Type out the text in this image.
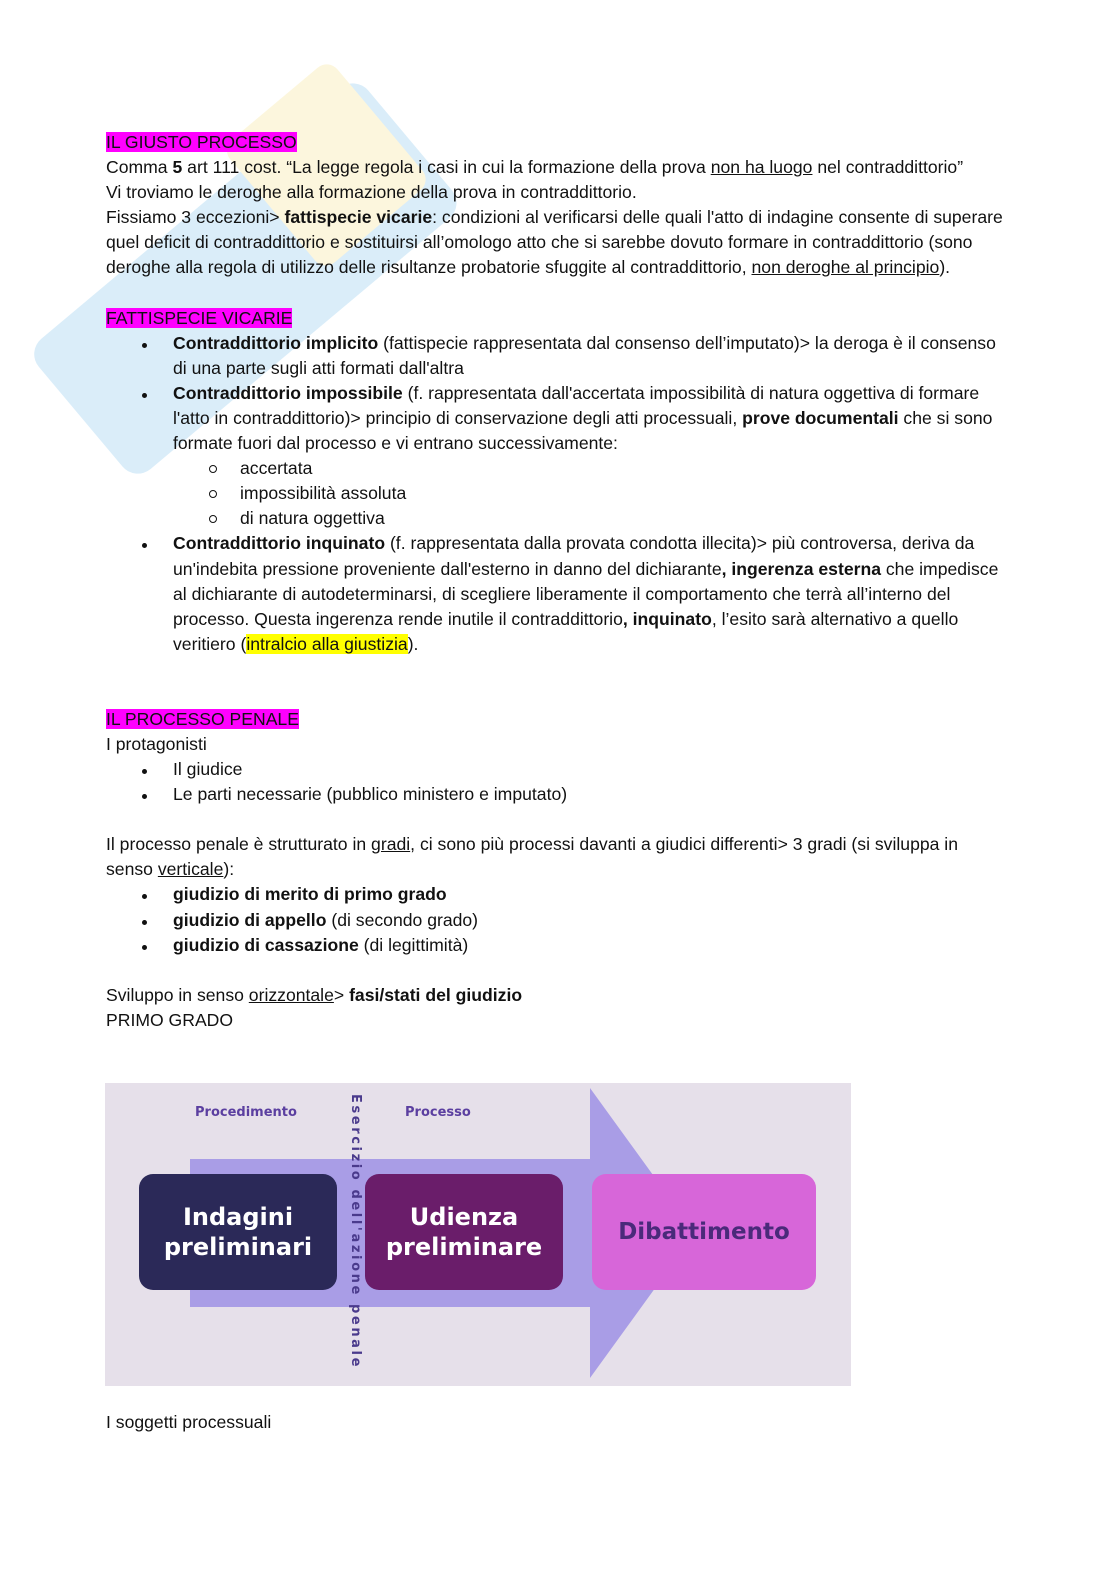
IL GIUSTO PROCESSO

Comma 5 art 111 cost. “La legge regola i casi in cui la formazione della prova non ha luogo nel contraddittorio”

Vi troviamo le deroghe alla formazione della prova in contraddittorio.

Fissiamo 3 eccezioni> fattispecie vicarie: condizioni al verificarsi delle quali l'atto di indagine consente di superare quel deficit di contraddittorio e sostituirsi all’omologo atto che si sarebbe dovuto formare in contraddittorio (sono deroghe alla regola di utilizzo delle risultanze probatorie sfuggite al contraddittorio, non deroghe al principio).

FATTISPECIE VICARIE

Contraddittorio implicito (fattispecie rappresentata dal consenso dell’imputato)> la deroga è il consenso di una parte sugli atti formati dall'altra
Contraddittorio impossibile (f. rappresentata dall'accertata impossibilità di natura oggettiva di formare l'atto in contraddittorio)> principio di conservazione degli atti processuali, prove documentali che si sono formate fuori dal processo e vi entrano successivamente:
accertata
impossibilità assoluta
di natura oggettiva
Contraddittorio inquinato (f. rappresentata dalla provata condotta illecita)> più controversa, deriva da un'indebita pressione proveniente dall'esterno in danno del dichiarante, ingerenza esterna che impedisce al dichiarante di autodeterminarsi, di scegliere liberamente il comportamento che terrà all’interno del processo. Questa ingerenza rende inutile il contraddittorio, inquinato, l’esito sarà alternativo a quello veritiero (intralcio alla giustizia).

IL PROCESSO PENALE

I protagonisti

Il giudice
Le parti necessarie (pubblico ministero e imputato)

Il processo penale è strutturato in gradi, ci sono più processi davanti a giudici differenti> 3 gradi (si sviluppa in senso verticale):

giudizio di merito di primo grado
giudizio di appello (di secondo grado)
giudizio di cassazione (di legittimità)

Sviluppo in senso orizzontale> fasi/stati del giudizio

PRIMO GRADO

Procedimento	Processo
Esercizio dell'azione penale
Indagini
preliminari
Udienza
preliminare
Dibattimento

I soggetti processuali
